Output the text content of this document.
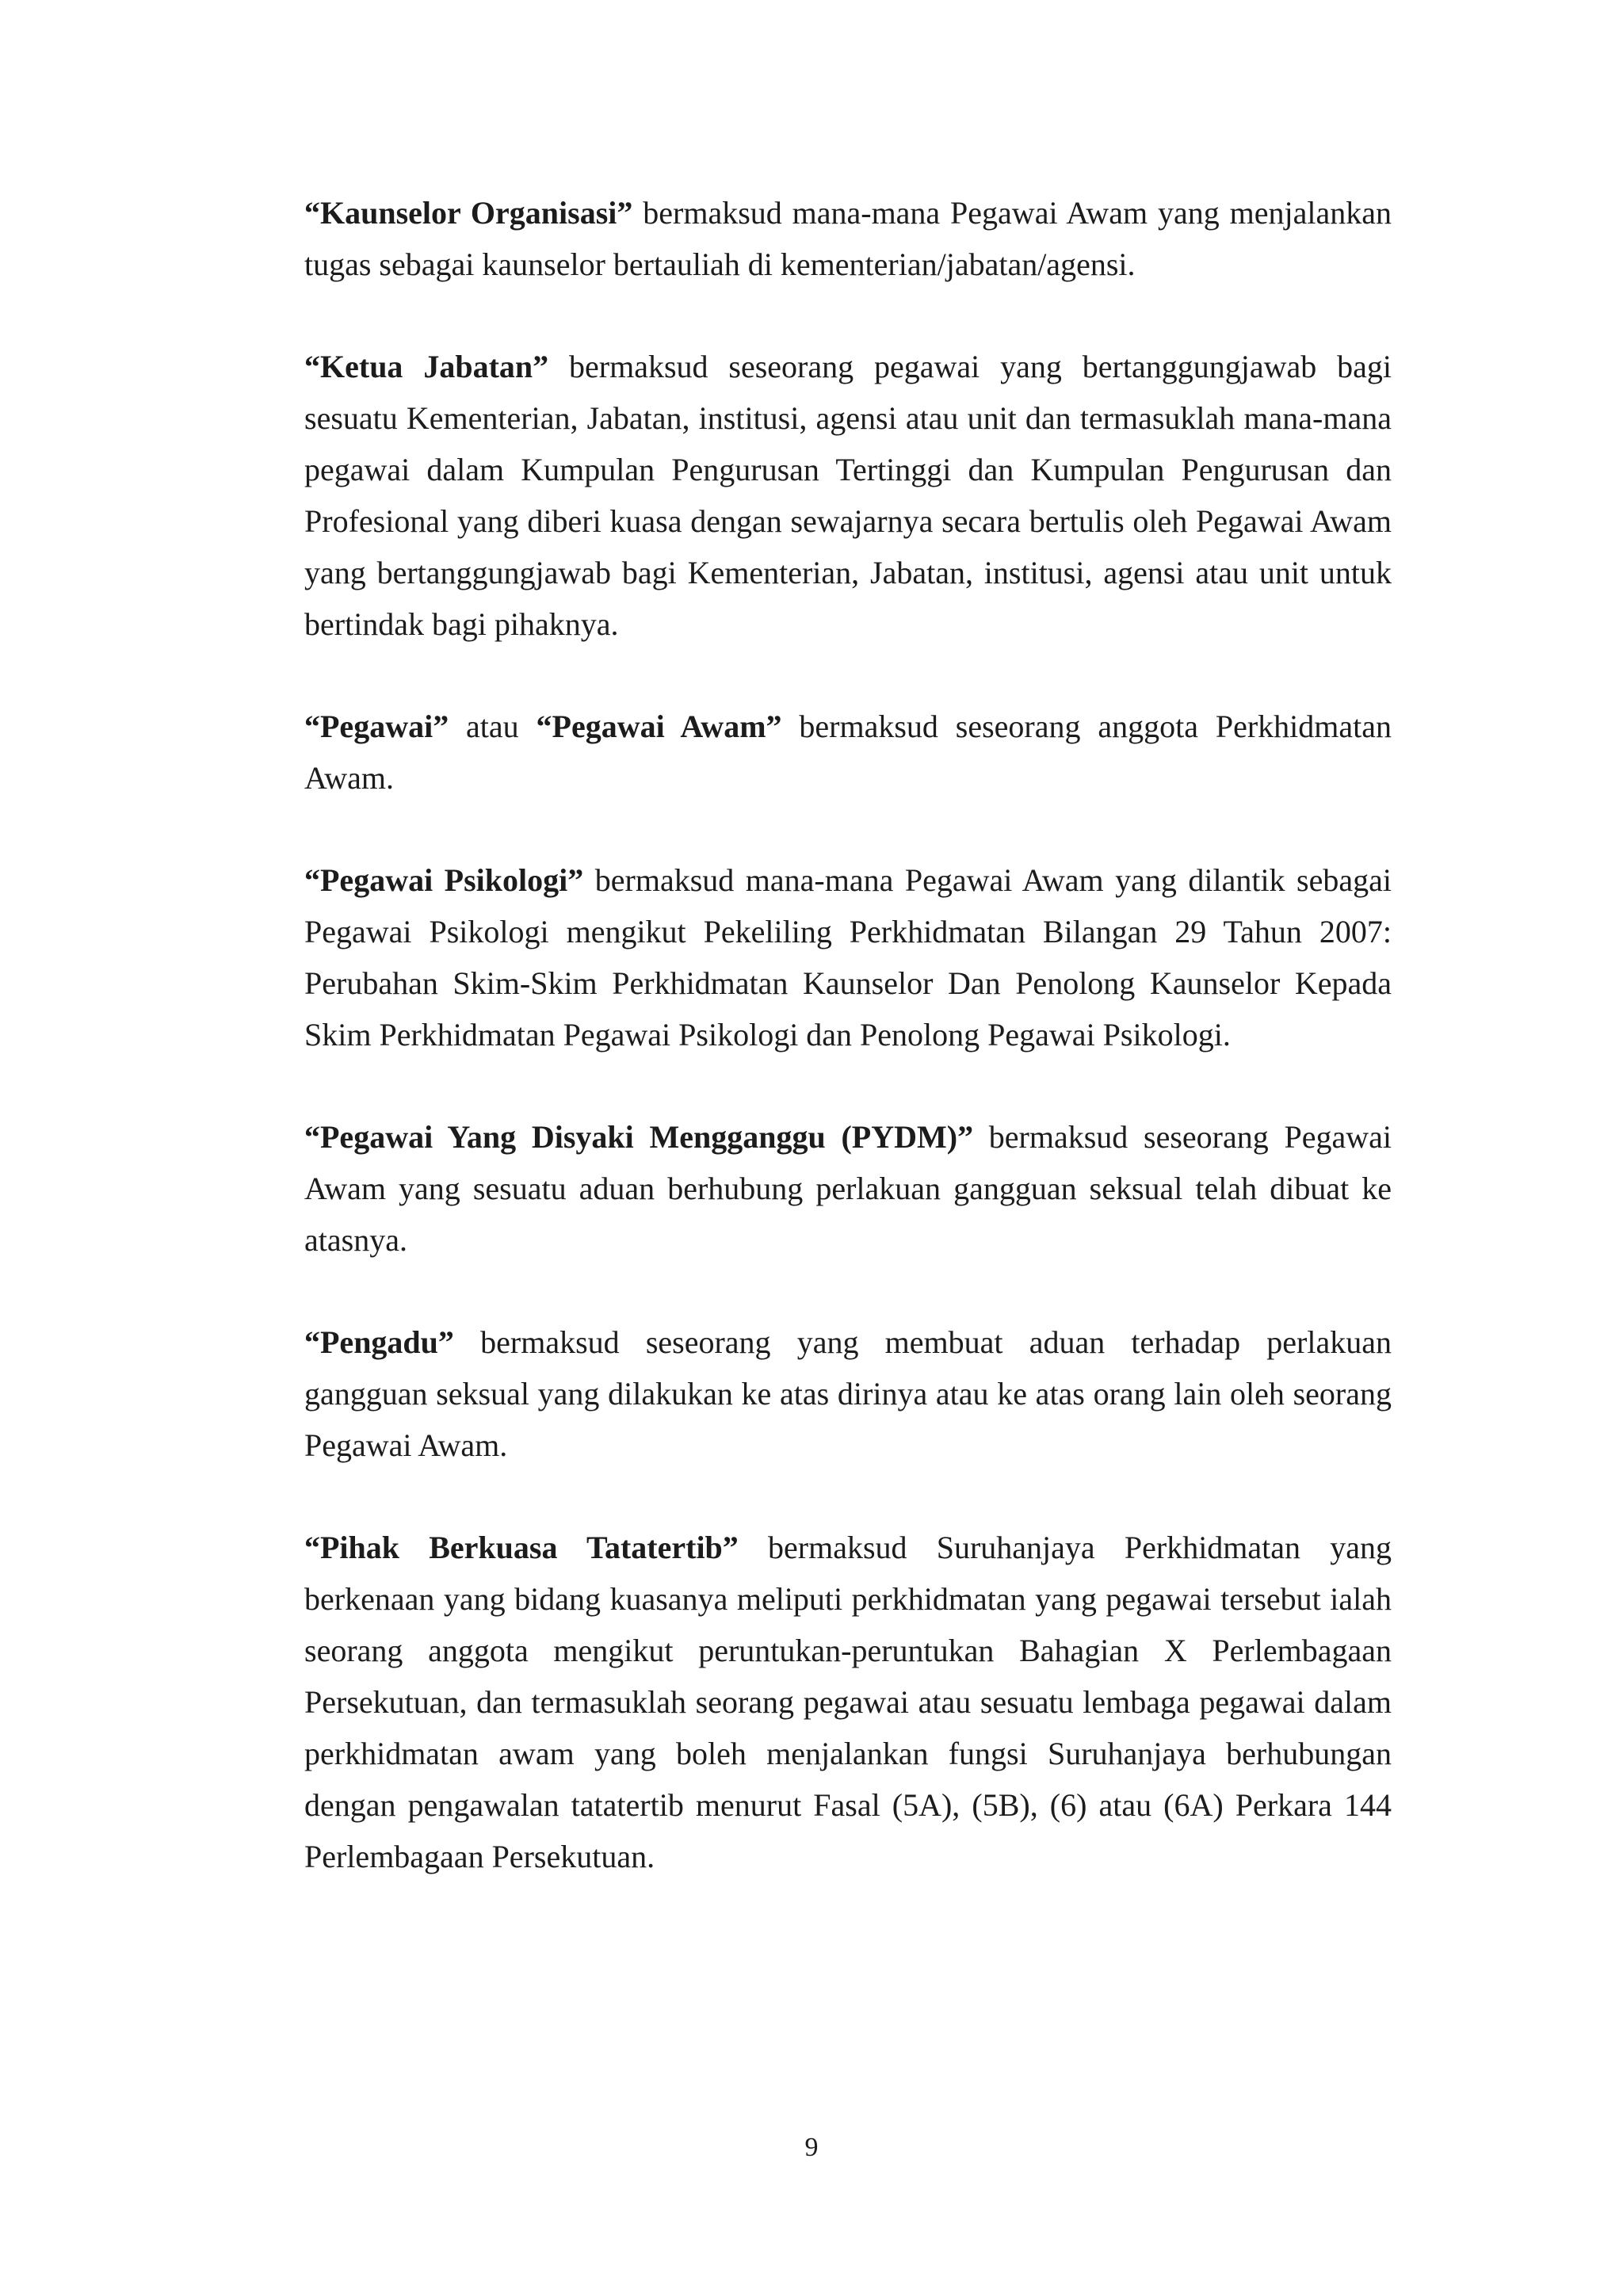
“Kaunselor Organisasi” bermaksud mana-mana Pegawai Awam yang menjalankan tugas sebagai kaunselor bertauliah di kementerian/jabatan/agensi.

“Ketua Jabatan” bermaksud seseorang pegawai yang bertanggungjawab bagi sesuatu Kementerian, Jabatan, institusi, agensi atau unit dan termasuklah mana-mana pegawai dalam Kumpulan Pengurusan Tertinggi dan Kumpulan Pengurusan dan Profesional yang diberi kuasa dengan sewajarnya secara bertulis oleh Pegawai Awam yang bertanggungjawab bagi Kementerian, Jabatan, institusi, agensi atau unit untuk bertindak bagi pihaknya.

“Pegawai” atau “Pegawai Awam” bermaksud seseorang anggota Perkhidmatan Awam.

“Pegawai Psikologi” bermaksud mana-mana Pegawai Awam yang dilantik sebagai Pegawai Psikologi mengikut Pekeliling Perkhidmatan Bilangan 29 Tahun 2007: Perubahan Skim-Skim Perkhidmatan Kaunselor Dan Penolong Kaunselor Kepada Skim Perkhidmatan Pegawai Psikologi dan Penolong Pegawai Psikologi.

“Pegawai Yang Disyaki Mengganggu (PYDM)” bermaksud seseorang Pegawai Awam yang sesuatu aduan berhubung perlakuan gangguan seksual telah dibuat ke atasnya.

“Pengadu” bermaksud seseorang yang membuat aduan terhadap perlakuan gangguan seksual yang dilakukan ke atas dirinya atau ke atas orang lain oleh seorang Pegawai Awam.

“Pihak Berkuasa Tatatertib” bermaksud Suruhanjaya Perkhidmatan yang berkenaan yang bidang kuasanya meliputi perkhidmatan yang pegawai tersebut ialah seorang anggota mengikut peruntukan-peruntukan Bahagian X Perlembagaan Persekutuan, dan termasuklah seorang pegawai atau sesuatu lembaga pegawai dalam perkhidmatan awam yang boleh menjalankan fungsi Suruhanjaya berhubungan dengan pengawalan tatatertib menurut Fasal (5A), (5B), (6) atau (6A) Perkara 144 Perlembagaan Persekutuan.

9
